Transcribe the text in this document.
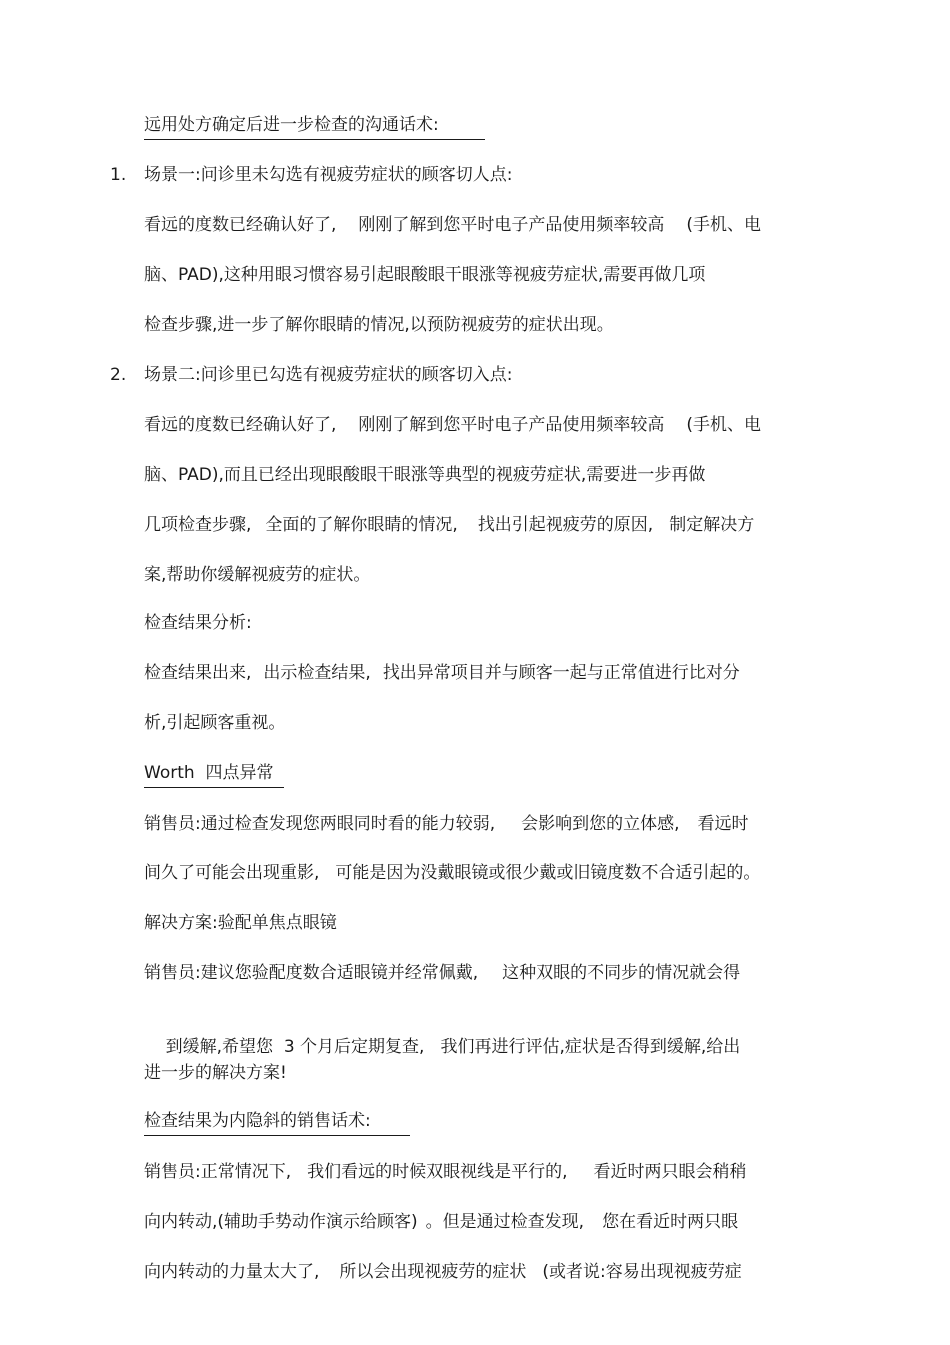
远用处方确定后进一步检查的沟通话术:
1. 场景一:问诊里未勾选有视疲劳症状的顾客切人点:
看远的度数已经确认好了, 刚刚了解到您平时电子产品使用频率较高 (手机、电
脑、PAD),这种用眼习惯容易引起眼酸眼干眼涨等视疲劳症状,需要再做几项
检查步骤,进一步了解你眼睛的情况,以预防视疲劳的症状出现。
2. 场景二:问诊里已勾选有视疲劳症状的顾客切入点:
看远的度数已经确认好了, 刚刚了解到您平时电子产品使用频率较高 (手机、电
脑、PAD),而且已经出现眼酸眼干眼涨等典型的视疲劳症状,需要进一步再做
几项检查步骤, 全面的了解你眼睛的情况, 找出引起视疲劳的原因, 制定解决方
案,帮助你缓解视疲劳的症状。
检查结果分析:
检查结果出来, 出示检查结果, 找出异常项目并与顾客一起与正常值进行比对分
析,引起顾客重视。
Worth  四点异常
销售员:通过检查发现您两眼同时看的能力较弱, 会影响到您的立体感, 看远时
间久了可能会出现重影, 可能是因为没戴眼镜或很少戴或旧镜度数不合适引起的。
解决方案:验配单焦点眼镜
销售员:建议您验配度数合适眼镜并经常佩戴, 这种双眼的不同步的情况就会得

到缓解,希望您  3 个月后定期复查, 我们再进行评估,症状是否得到缓解,给出

进一步的解决方案!
检查结果为内隐斜的销售话术:
销售员:正常情况下, 我们看远的时候双眼视线是平行的, 看近时两只眼会稍稍
向内转动,(辅助手势动作演示给顾客) 。但是通过检查发现, 您在看近时两只眼
向内转动的力量太大了, 所以会出现视疲劳的症状 (或者说:容易出现视疲劳症
